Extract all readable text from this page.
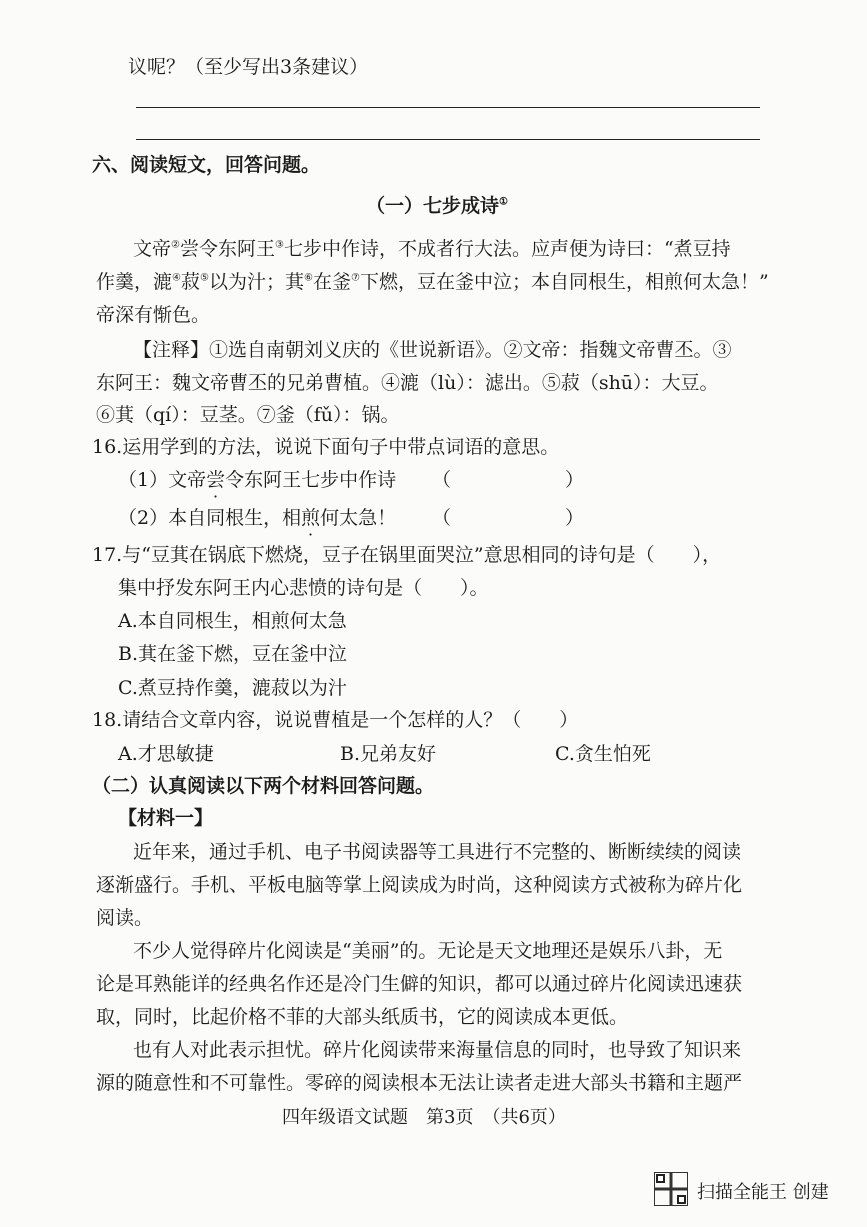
议呢？（至少写出3条建议）
六、阅读短文，回答问题。
（一）七步成诗①
文帝②尝令东阿王③七步中作诗，不成者行大法。应声便为诗曰：“煮豆持
作羹，漉④菽⑤以为汁；萁⑥在釜⑦下燃，豆在釜中泣；本自同根生，相煎何太急！”
帝深有惭色。
【注释】①选自南朝刘义庆的《世说新语》。②文帝：指魏文帝曹丕。③
东阿王：魏文帝曹丕的兄弟曹植。④漉（lù）：滤出。⑤菽（shū）：大豆。
⑥萁（qí）：豆茎。⑦釜（fǔ）：锅。
16.运用学到的方法，说说下面句子中带点词语的意思。
（1）文帝尝令东阿王七步中作诗 （　　　　　　）
（2）本自同根生，相煎何太急！ （　　　　　　）
17.与“豆萁在锅底下燃烧，豆子在锅里面哭泣”意思相同的诗句是（　　），
集中抒发东阿王内心悲愤的诗句是（　　）。
A.本自同根生，相煎何太急
B.萁在釜下燃，豆在釜中泣
C.煮豆持作羹，漉菽以为汁
18.请结合文章内容，说说曹植是一个怎样的人？（　　）
A.才思敏捷	B.兄弟友好	C.贪生怕死
（二）认真阅读以下两个材料回答问题。
【材料一】
近年来，通过手机、电子书阅读器等工具进行不完整的、断断续续的阅读
逐渐盛行。手机、平板电脑等掌上阅读成为时尚，这种阅读方式被称为碎片化
阅读。
不少人觉得碎片化阅读是“美丽”的。无论是天文地理还是娱乐八卦，无
论是耳熟能详的经典名作还是冷门生僻的知识，都可以通过碎片化阅读迅速获
取，同时，比起价格不菲的大部头纸质书，它的阅读成本更低。
也有人对此表示担忧。碎片化阅读带来海量信息的同时，也导致了知识来
源的随意性和不可靠性。零碎的阅读根本无法让读者走进大部头书籍和主题严
四年级语文试题　第3页　（共6页）
扫描全能王 创建
